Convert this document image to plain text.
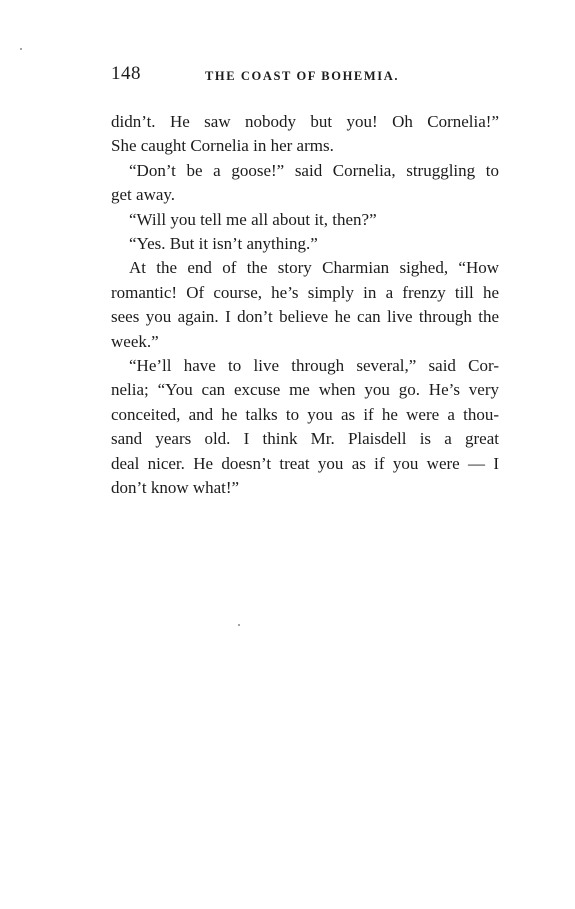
148	THE COAST OF BOHEMIA.

didn’t. He saw nobody but you! Oh Cornelia!”
She caught Cornelia in her arms.

“Don’t be a goose!” said Cornelia, struggling to
get away.

“Will you tell me all about it, then?”

“Yes. But it isn’t anything.”

At the end of the story Charmian sighed, “How
romantic! Of course, he’s simply in a frenzy till he
sees you again. I don’t believe he can live through the
week.”

“He’ll have to live through several,” said Cor-
nelia; “You can excuse me when you go. He’s very
conceited, and he talks to you as if he were a thou-
sand years old. I think Mr. Plaisdell is a great
deal nicer. He doesn’t treat you as if you were — I
don’t know what!”
